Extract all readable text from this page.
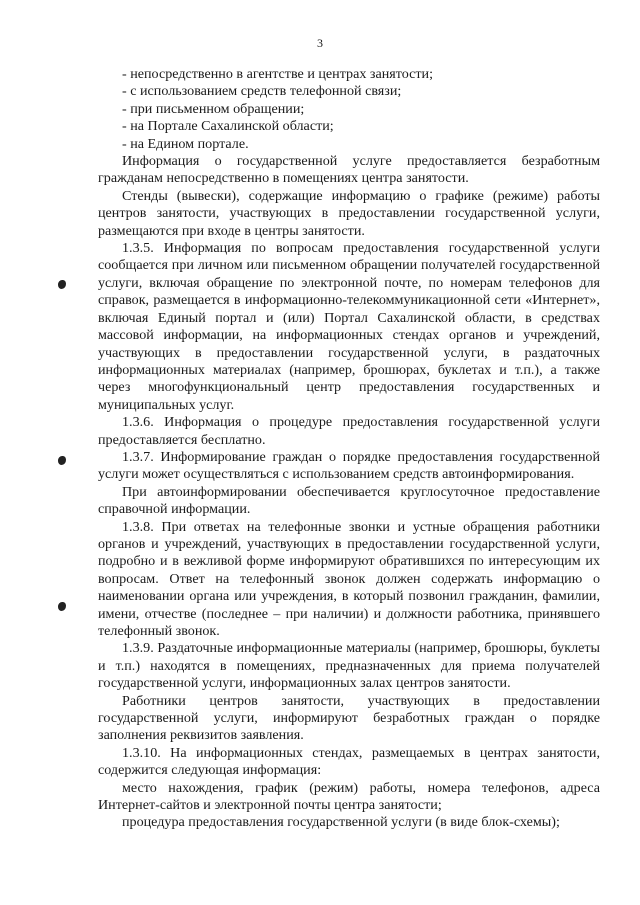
3

- непосредственно в агентстве и центрах занятости;

- с использованием средств телефонной связи;

- при письменном обращении;

- на Портале Сахалинской области;

- на Едином портале.

Информация о государственной услуге предоставляется безработным гражданам непосредственно в помещениях центра занятости.

Стенды (вывески), содержащие информацию о графике (режиме) работы центров занятости, участвующих в предоставлении государственной услуги, размещаются при входе в центры занятости.

1.3.5. Информация по вопросам предоставления государственной услуги сообщается при личном или письменном обращении получателей государственной услуги, включая обращение по электронной почте, по номерам телефонов для справок, размещается в информационно-телекоммуникационной сети «Интернет», включая Единый портал и (или) Портал Сахалинской области, в средствах массовой информации, на информационных стендах органов и учреждений, участвующих в предоставлении государственной услуги, в раздаточных информационных материалах (например, брошюрах, буклетах и т.п.), а также через многофункциональный центр предоставления государственных и муниципальных услуг.

1.3.6. Информация о процедуре предоставления государственной услуги предоставляется бесплатно.

1.3.7. Информирование граждан о порядке предоставления государственной услуги может осуществляться с использованием средств автоинформирования.

При автоинформировании обеспечивается круглосуточное предоставление справочной информации.

1.3.8. При ответах на телефонные звонки и устные обращения работники органов и учреждений, участвующих в предоставлении государственной услуги, подробно и в вежливой форме информируют обратившихся по интересующим их вопросам. Ответ на телефонный звонок должен содержать информацию о наименовании органа или учреждения, в который позвонил гражданин, фамилии, имени, отчестве (последнее – при наличии) и должности работника, принявшего телефонный звонок.

1.3.9. Раздаточные информационные материалы (например, брошюры, буклеты и т.п.) находятся в помещениях, предназначенных для приема получателей государственной услуги, информационных залах центров занятости.

Работники центров занятости, участвующих в предоставлении государственной услуги, информируют безработных граждан о порядке заполнения реквизитов заявления.

1.3.10. На информационных стендах, размещаемых в центрах занятости, содержится следующая информация:

место нахождения, график (режим) работы, номера телефонов, адреса Интернет-сайтов и электронной почты центра занятости;

процедура предоставления государственной услуги (в виде блок-схемы);
